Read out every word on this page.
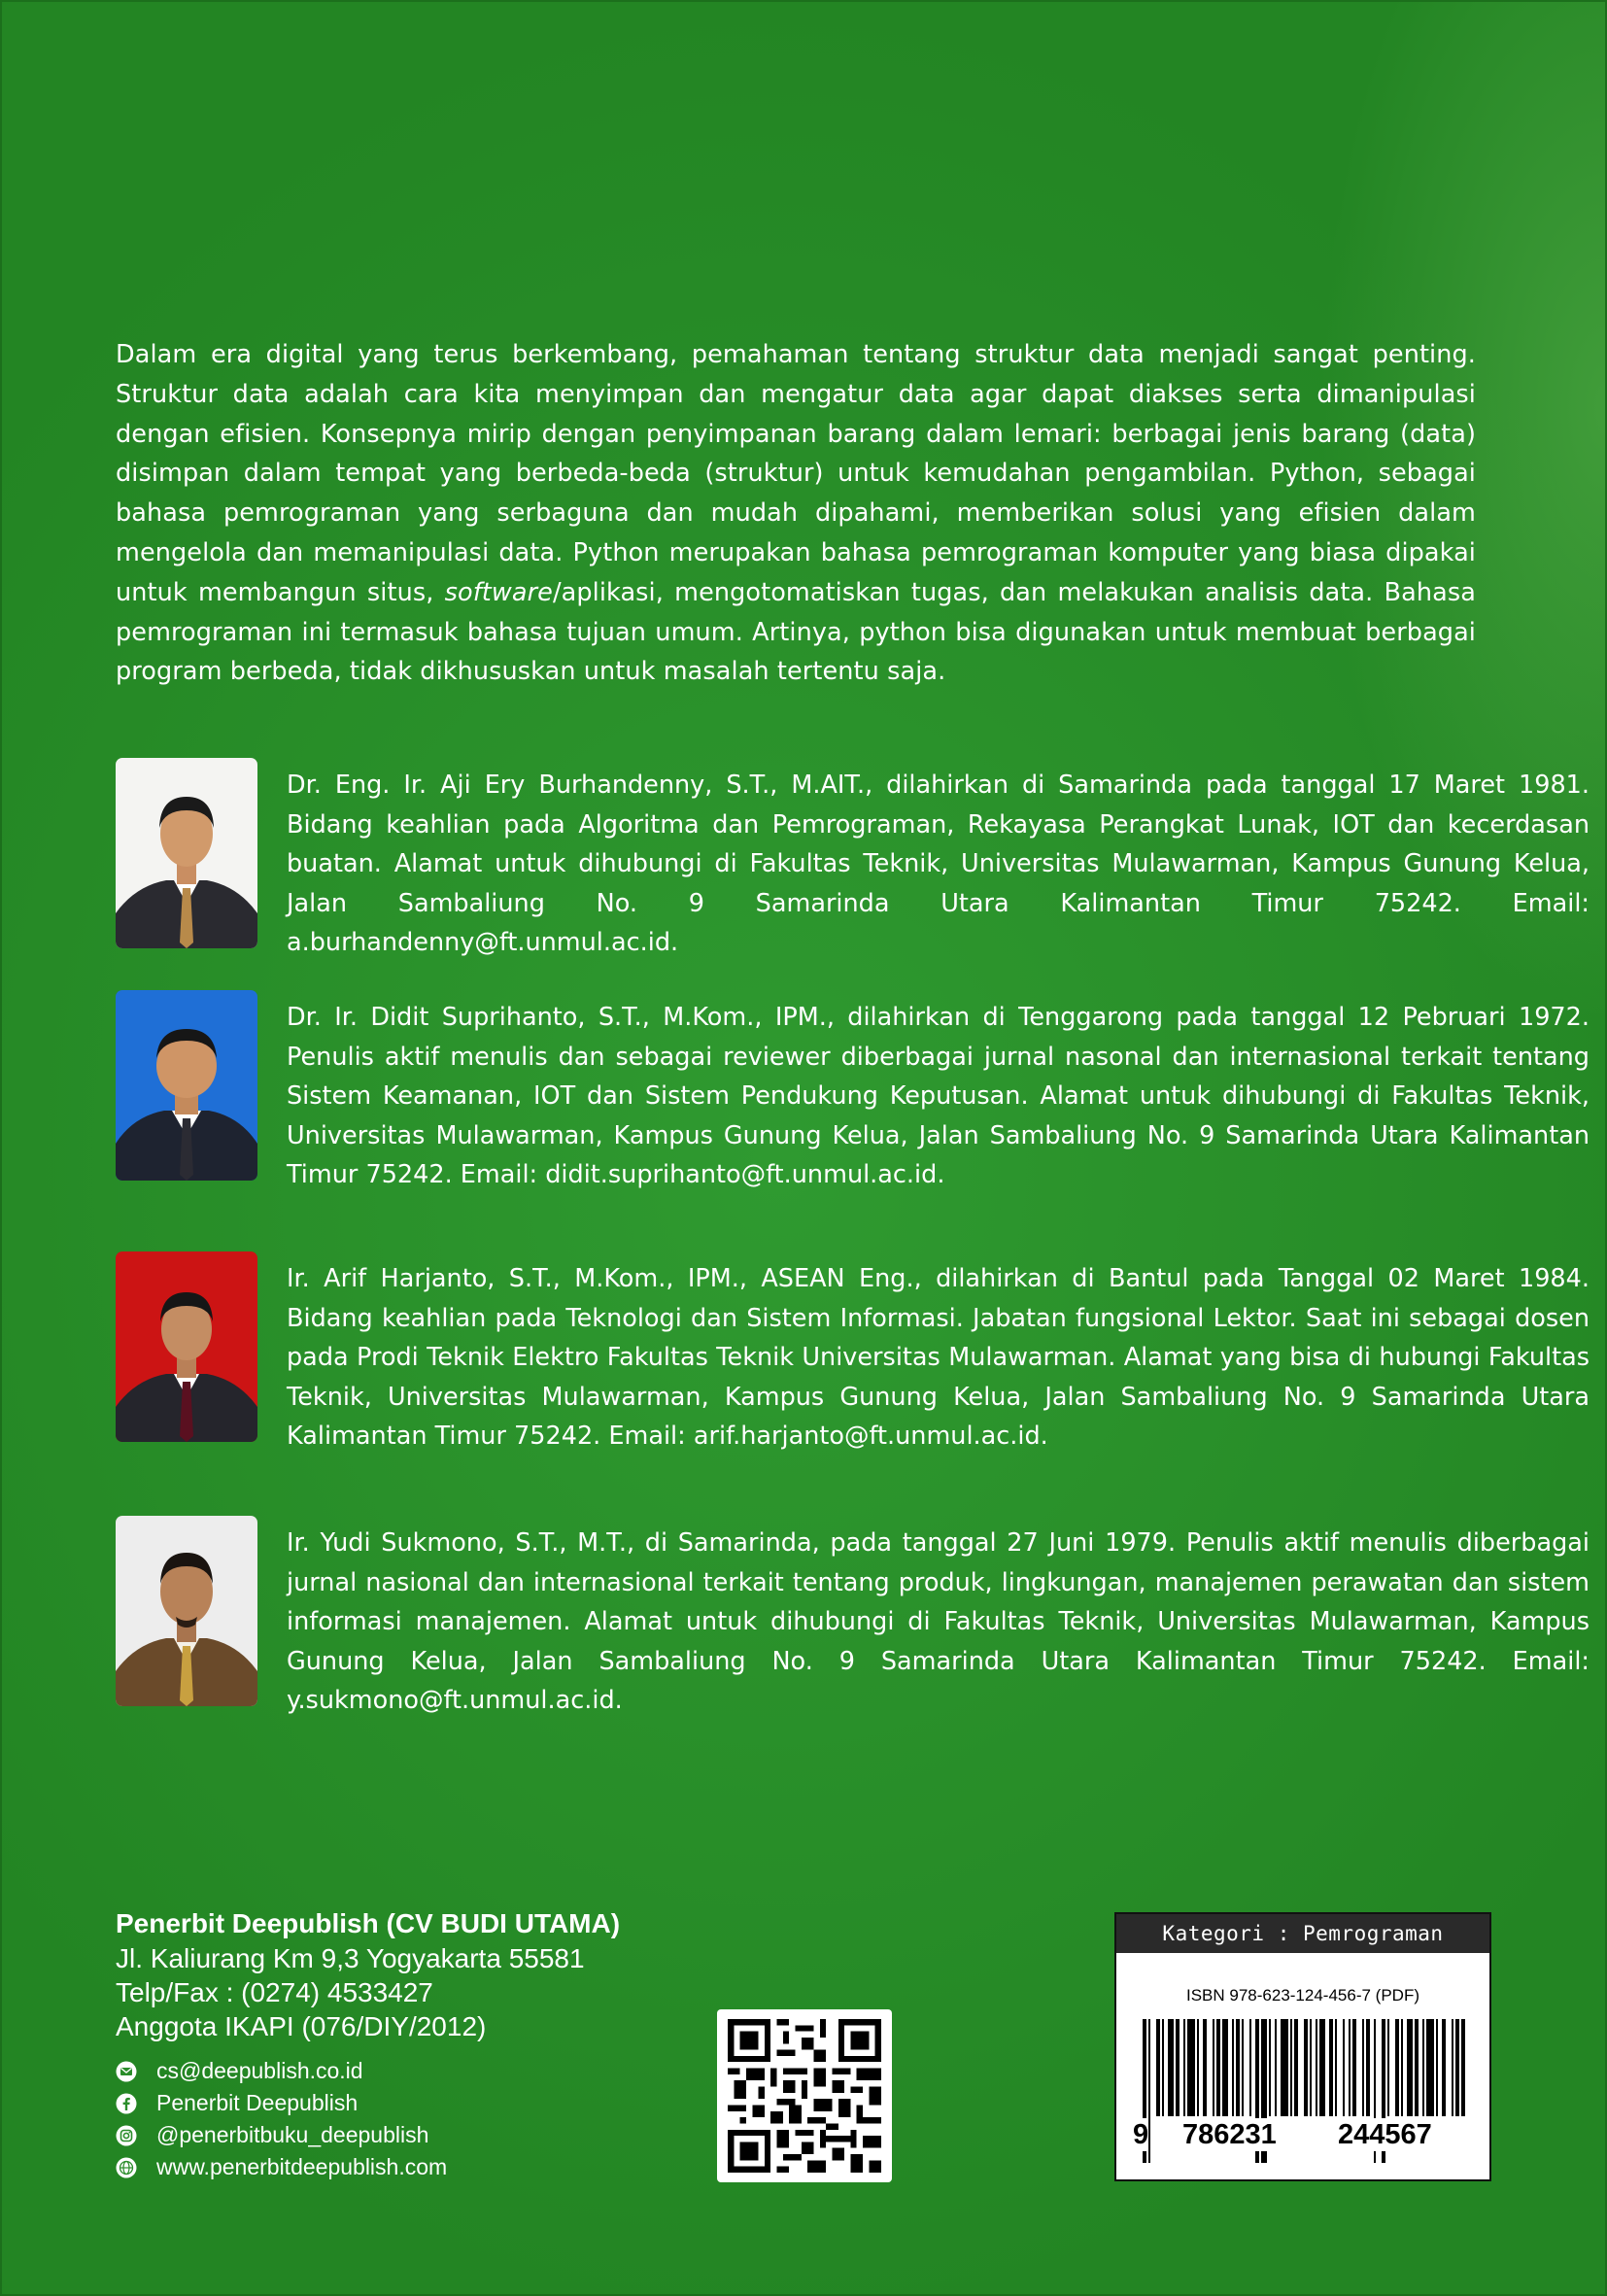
Dalam era digital yang terus berkembang, pemahaman tentang struktur data menjadi sangat penting. Struktur data adalah cara kita menyimpan dan mengatur data agar dapat diakses serta dimanipulasi dengan efisien. Konsepnya mirip dengan penyimpanan barang dalam lemari: berbagai jenis barang (data) disimpan dalam tempat yang berbeda-beda (struktur) untuk kemudahan pengambilan. Python, sebagai bahasa pemrograman yang serbaguna dan mudah dipahami, memberikan solusi yang efisien dalam mengelola dan memanipulasi data. Python merupakan bahasa pemrograman komputer yang biasa dipakai untuk membangun situs, software/aplikasi, mengotomatiskan tugas, dan melakukan analisis data. Bahasa pemrograman ini termasuk bahasa tujuan umum. Artinya, python bisa digunakan untuk membuat berbagai program berbeda, tidak dikhususkan untuk masalah tertentu saja.

Dr. Eng. Ir. Aji Ery Burhandenny, S.T., M.AIT., dilahirkan di Samarinda pada tanggal 17 Maret 1981. Bidang keahlian pada Algoritma dan Pemrograman, Rekayasa Perangkat Lunak, IOT dan kecerdasan buatan. Alamat untuk dihubungi di Fakultas Teknik, Universitas Mulawarman, Kampus Gunung Kelua, Jalan Sambaliung No. 9 Samarinda Utara Kalimantan Timur 75242. Email: a.burhandenny@ft.unmul.ac.id.

Dr. Ir. Didit Suprihanto, S.T., M.Kom., IPM., dilahirkan di Tenggarong pada tanggal 12 Pebruari 1972. Penulis aktif menulis dan sebagai reviewer diberbagai jurnal nasonal dan internasional terkait tentang Sistem Keamanan, IOT dan Sistem Pendukung Keputusan. Alamat untuk dihubungi di Fakultas Teknik, Universitas Mulawarman, Kampus Gunung Kelua, Jalan Sambaliung No. 9 Samarinda Utara Kalimantan Timur 75242. Email: didit.suprihanto@ft.unmul.ac.id.

Ir. Arif Harjanto, S.T., M.Kom., IPM., ASEAN Eng., dilahirkan di Bantul pada Tanggal 02 Maret 1984. Bidang keahlian pada Teknologi dan Sistem Informasi. Jabatan fungsional Lektor. Saat ini sebagai dosen pada Prodi Teknik Elektro Fakultas Teknik Universitas Mulawarman. Alamat yang bisa di hubungi Fakultas Teknik, Universitas Mulawarman, Kampus Gunung Kelua, Jalan Sambaliung No. 9 Samarinda Utara Kalimantan Timur 75242. Email: arif.harjanto@ft.unmul.ac.id.

Ir. Yudi Sukmono, S.T., M.T., di Samarinda, pada tanggal 27 Juni 1979. Penulis aktif menulis diberbagai jurnal nasional dan internasional terkait tentang produk, lingkungan, manajemen perawatan dan sistem informasi manajemen. Alamat untuk dihubungi di Fakultas Teknik, Universitas Mulawarman, Kampus Gunung Kelua, Jalan Sambaliung No. 9 Samarinda Utara Kalimantan Timur 75242. Email: y.sukmono@ft.unmul.ac.id.

Penerbit Deepublish (CV BUDI UTAMA)
Jl. Kaliurang Km 9,3 Yogyakarta 55581
Telp/Fax : (0274) 4533427
Anggota IKAPI (076/DIY/2012)
cs@deepublish.co.id
Penerbit Deepublish
@penerbitbuku_deepublish
www.penerbitdeepublish.com
Kategori : Pemrograman
ISBN 978-623-124-456-7 (PDF)
9 786231 244567
